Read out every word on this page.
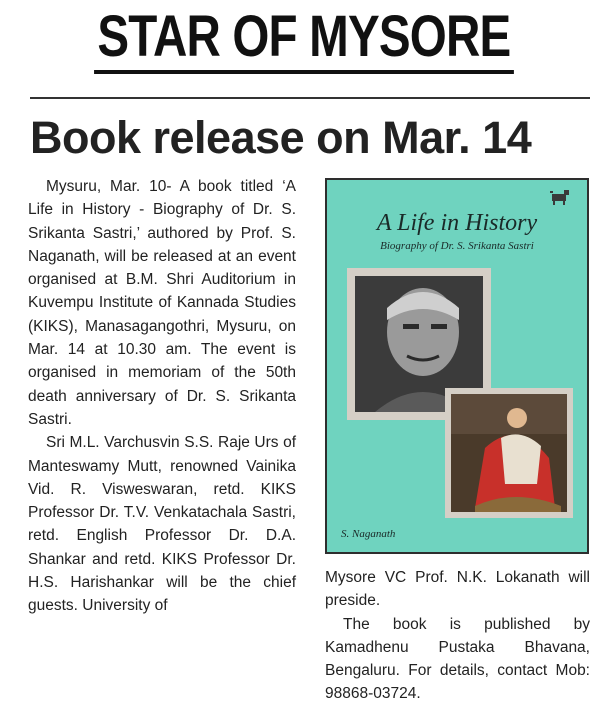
STAR OF MYSORE
Book release on Mar. 14

Mysuru, Mar. 10- A book titled ‘A Life in History - Biography of Dr. S. Srikanta Sastri,’ authored by Prof. S. Naganath, will be released at an event organised at B.M. Shri Auditorium in Kuvempu Institute of Kannada Studies (KIKS), Manasagangothri, Mysuru, on Mar. 14 at 10.30 am. The event is organised in memoriam of the 50th death anniversary of Dr. S. Srikanta Sastri.

Sri M.L. Varchusvin S.S. Raje Urs of Manteswamy Mutt, renowned Vainika Vid. R. Visweswaran, retd. KIKS Professor Dr. T.V. Venkatachala Sastri, retd. English Professor Dr. D.A. Shankar and retd. KIKS Professor Dr. H.S. Harishankar will be the chief guests. University of

A Life in History
Biography of Dr. S. Srikanta Sastri
S. Naganath

Mysore VC Prof. N.K. Lokanath will preside.

The book is published by Kamadhenu Pustaka Bhavana, Bengaluru. For details, contact Mob: 98868-03724.
